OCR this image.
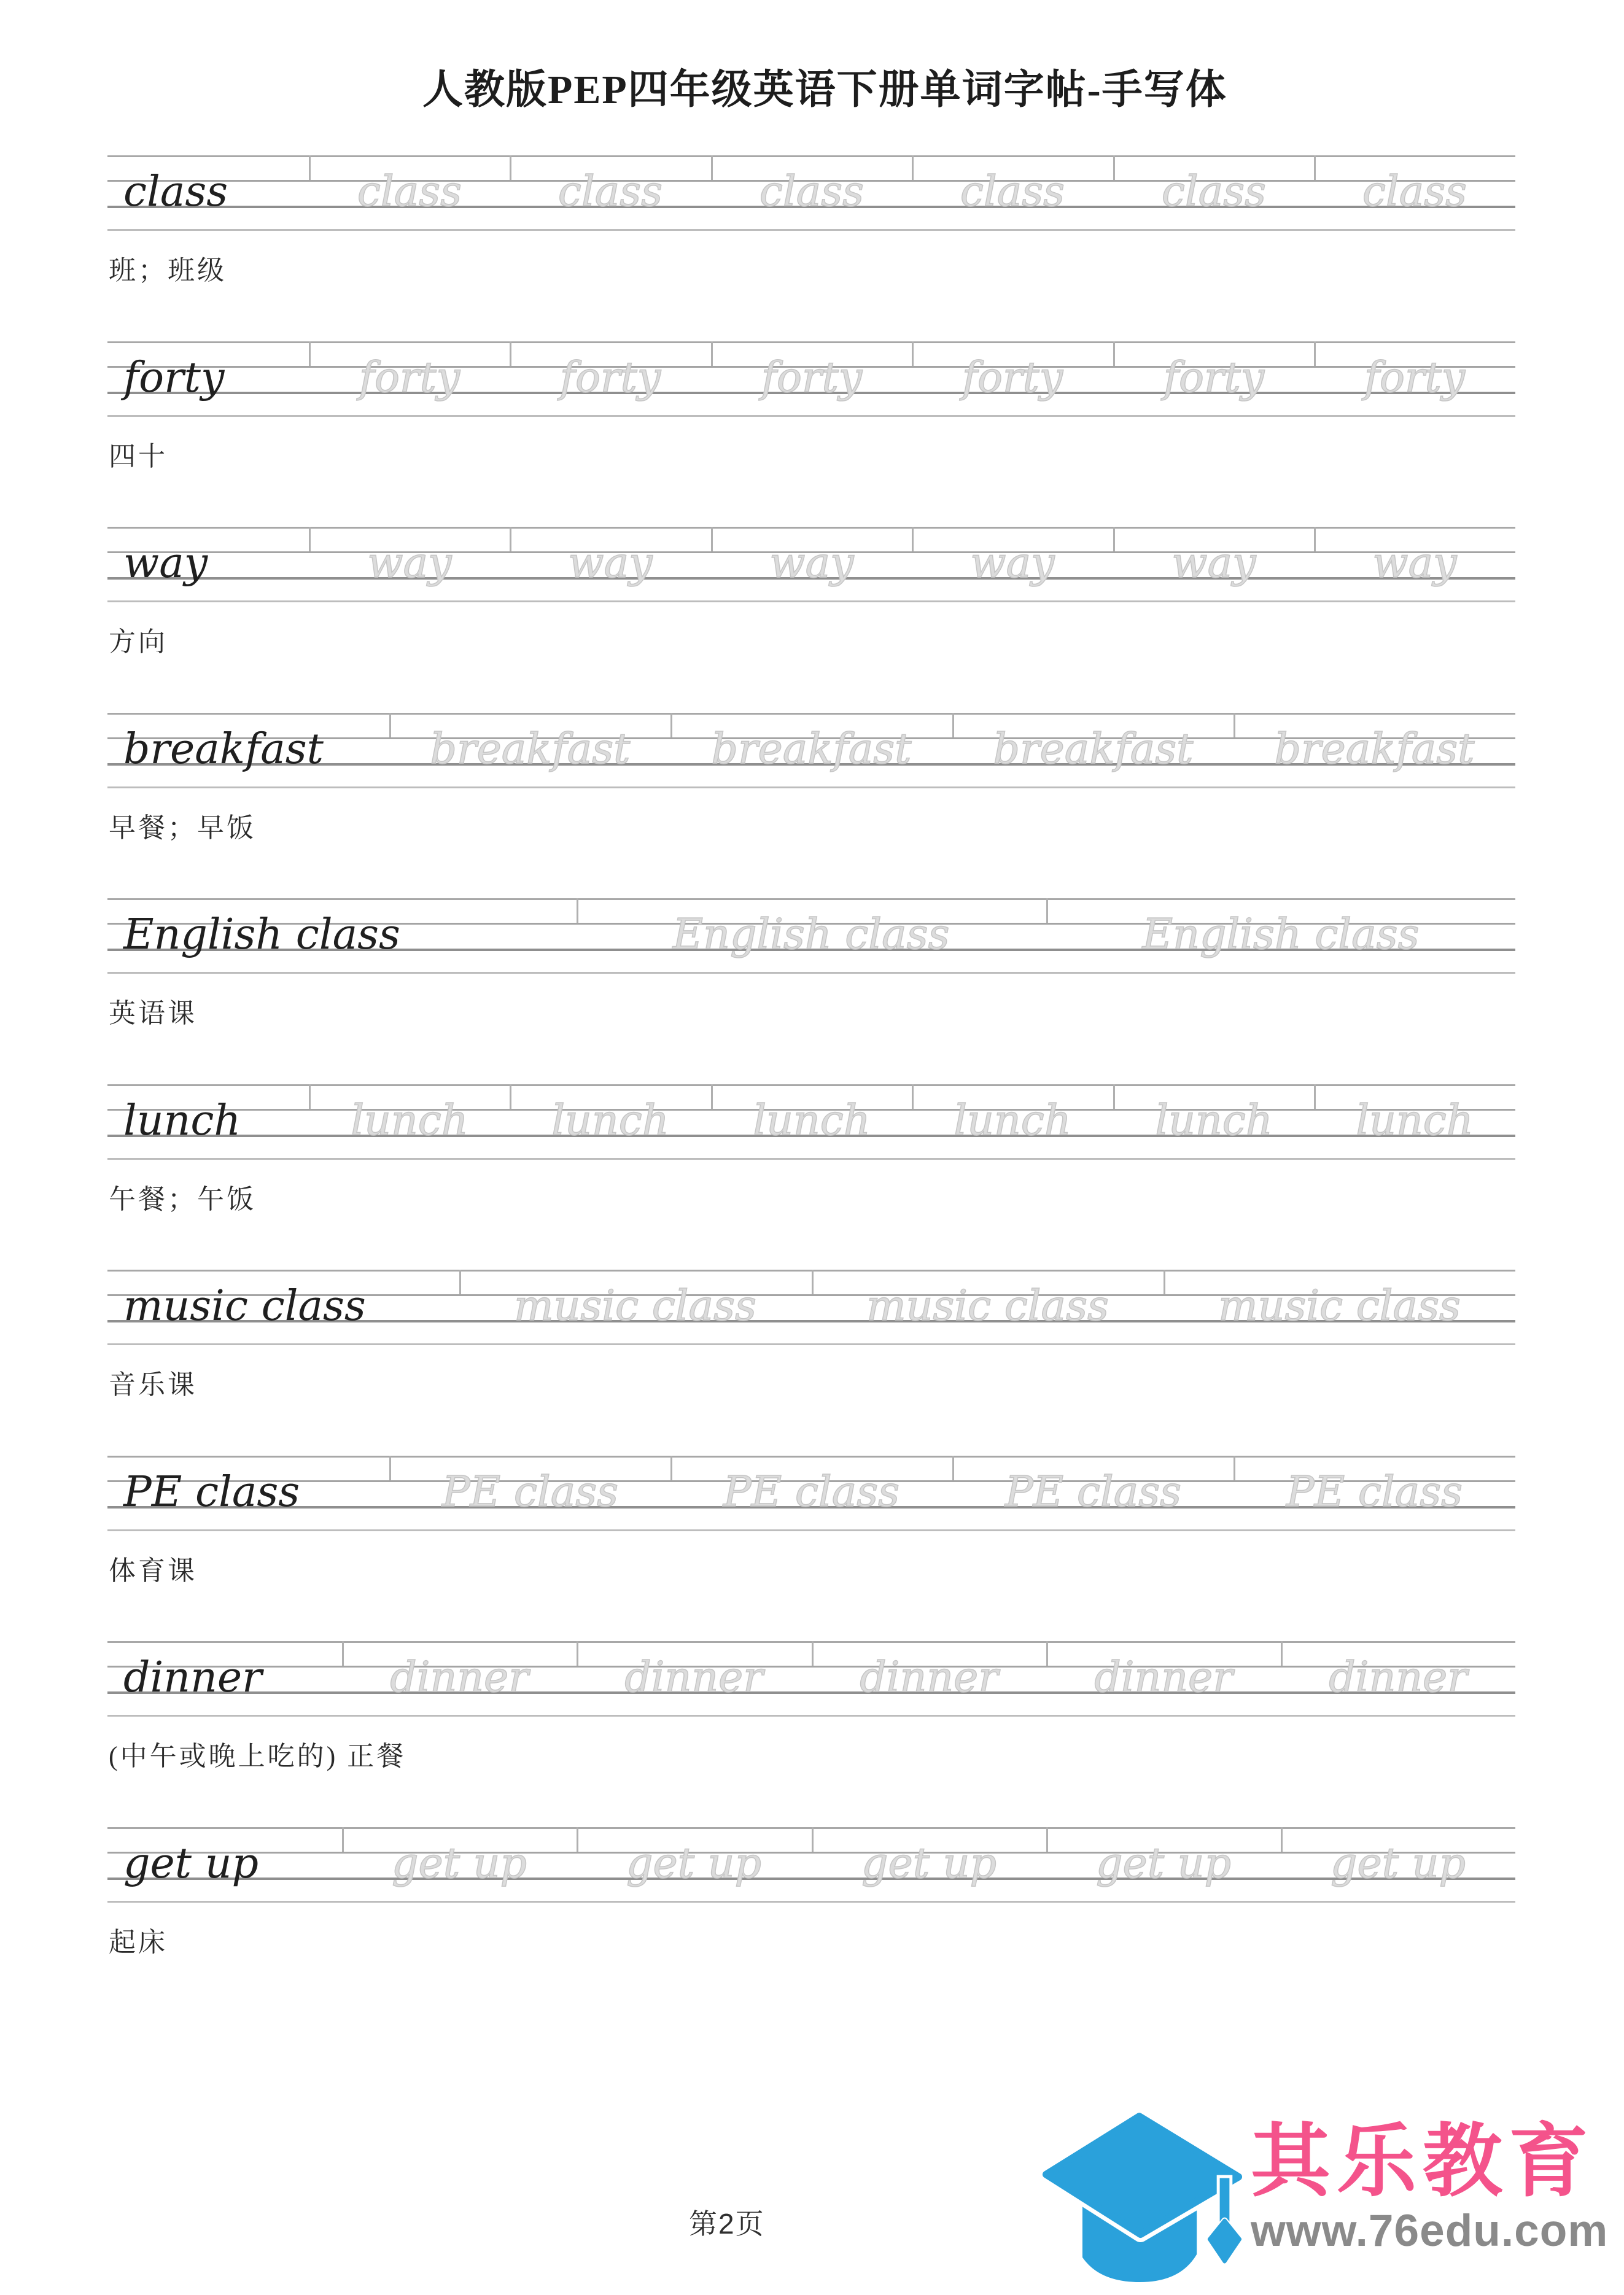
人教版PEP四年级英语下册单词字帖-手写体
class	class	class	class	class	class	class
班；班级
forty	forty	forty	forty	forty	forty	forty
四十
way	way	way	way	way	way	way
方向
breakfast	breakfast	breakfast	breakfast	breakfast
早餐；早饭
English class	English class	English class
英语课
lunch	lunch	lunch	lunch	lunch	lunch	lunch
午餐；午饭
music class	music class	music class	music class
音乐课
PE class	PE class	PE class	PE class	PE class
体育课
dinner	dinner	dinner	dinner	dinner	dinner
(中午或晚上吃的) 正餐
get up	get up	get up	get up	get up	get up
起床
第2页
其乐教育
www.76edu.com
